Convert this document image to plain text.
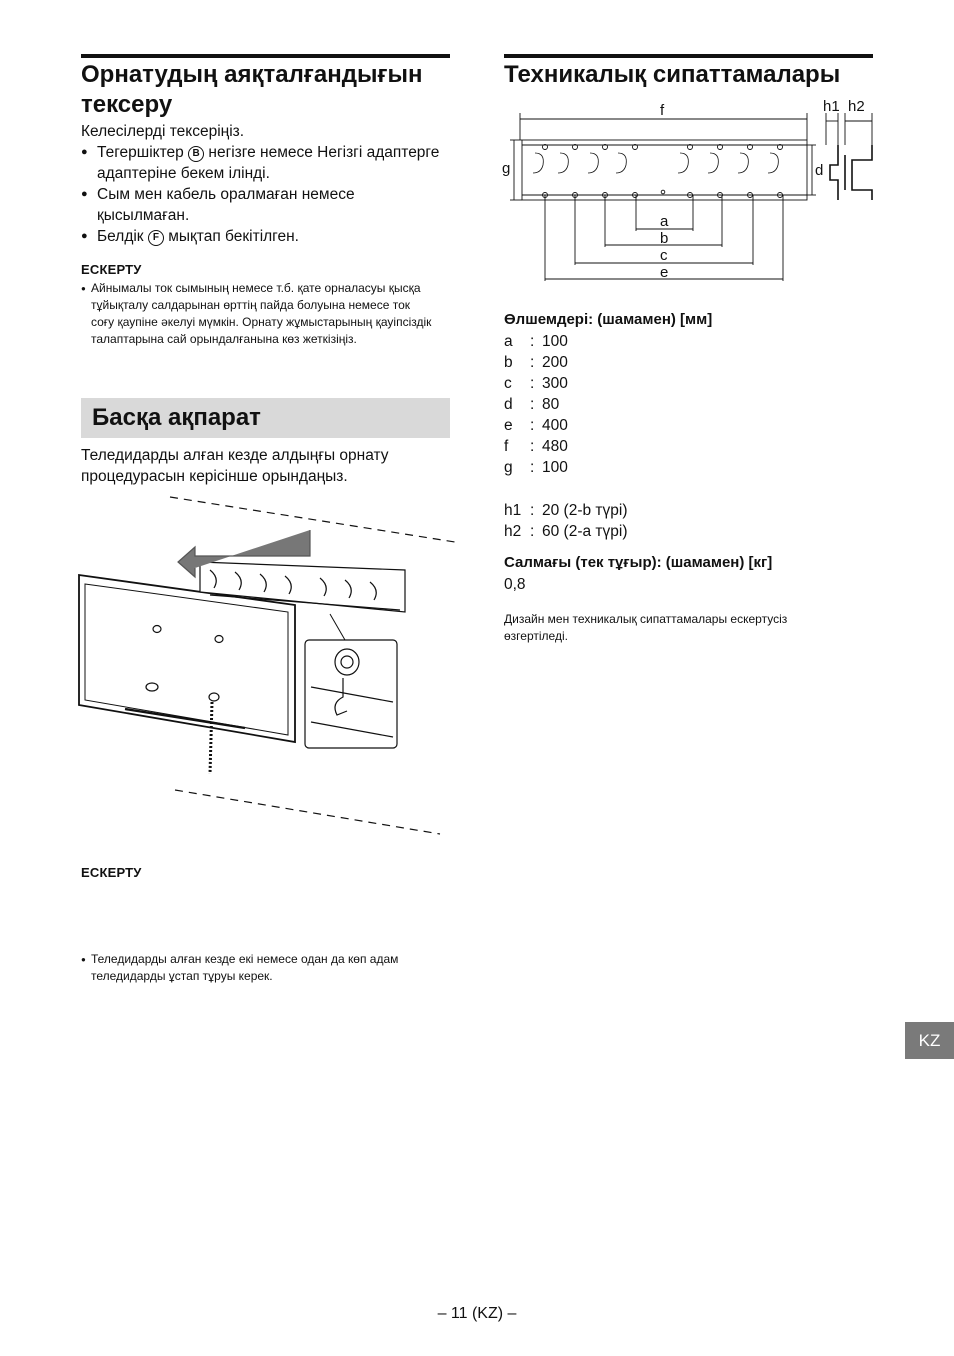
Орнатудың аяқталғандығын тексеру
Келесілерді тексеріңіз.
● Тегершіктер B негізге немесе Негізгі адаптерге адаптеріне бекем ілінді.
● Сым мен кабель оралмаған немесе қысылмаған.
● Белдік F мықтап бекітілген.
ЕСКЕРТУ
● Айнымалы ток сымының немесе т.б. қате орналасуы қысқа тұйықталу салдарынан өрттің пайда болуына немесе ток соғу қаупіне әкелуі мүмкін. Орнату жұмыстарының қауіпсіздік талаптарына сай орындалғанына көз жеткізіңіз.
Басқа ақпарат
Теледидарды алған кезде алдыңғы орнату процедурасын керісінше орындаңыз.
ЕСКЕРТУ
● Теледидарды алған кезде екі немесе одан да көп адам теледидарды ұстап тұруы керек.
Техникалық сипаттамалары
f
g	d
a
b
c
e
h1 h2
Өлшемдері: (шамамен) [мм]
a	: 100
b	: 200
c	: 300
d	: 80
e	: 400
f	: 480
g	: 100
h1 : 20 (2-b түрі)
h2 : 60 (2-a түрі)
Салмағы (тек тұғыр): (шамамен) [кг]
0,8
Дизайн мен техникалық сипаттамалары ескертусіз өзгертіледі.
KZ
– 11 (KZ) –
